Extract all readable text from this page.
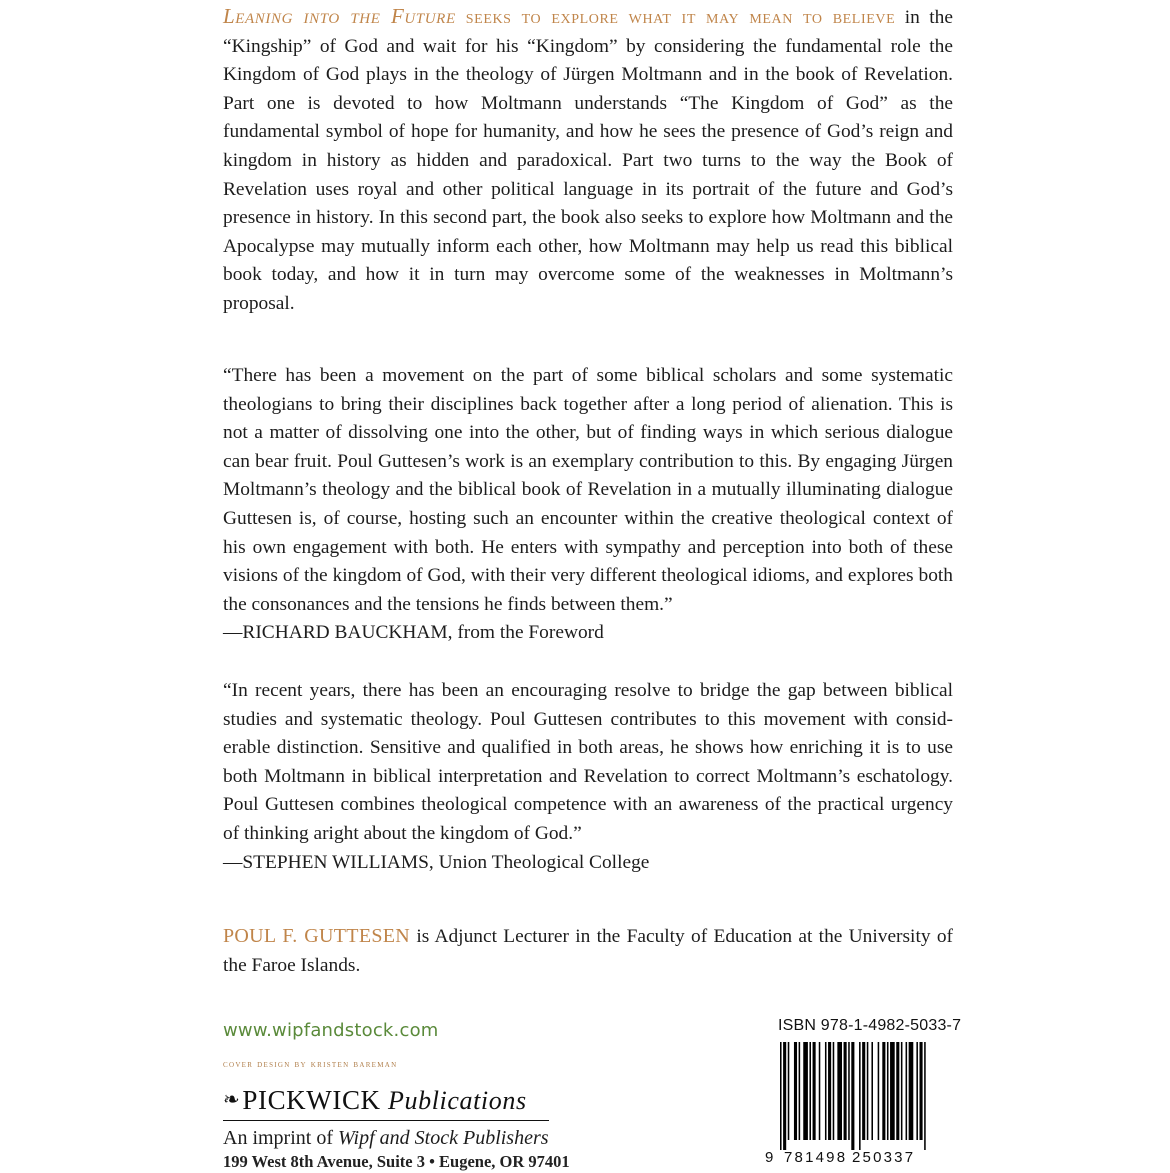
Leaning into the Future seeks to explore what it may mean to believe in the “Kingship” of God and wait for his “Kingdom” by considering the fundamental role the Kingdom of God plays in the theology of Jürgen Moltmann and in the book of Revelation. Part one is devoted to how Moltmann understands “The Kingdom of God” as the fundamental symbol of hope for humanity, and how he sees the presence of God’s reign and kingdom in history as hidden and paradoxical. Part two turns to the way the Book of Revelation uses royal and other political language in its portrait of the future and God’s presence in history. In this second part, the book also seeks to explore how Moltmann and the Apocalypse may mutually inform each other, how Moltmann may help us read this biblical book today, and how it in turn may overcome some of the weaknesses in Moltmann’s proposal.
“There has been a movement on the part of some biblical scholars and some systematic theologians to bring their disciplines back together after a long period of alienation. This is not a matter of dissolving one into the other, but of finding ways in which serious dialogue can bear fruit. Poul Guttesen’s work is an exemplary contribution to this. By engaging Jürgen Moltmann’s theology and the biblical book of Revelation in a mutually illuminating dialogue Guttesen is, of course, hosting such an encounter within the creative theological context of his own engagement with both. He enters with sympathy and perception into both of these visions of the kingdom of God, with their very different theological idioms, and explores both the consonances and the tensions he finds between them.”
—RICHARD BAUCKHAM, from the Foreword
“In recent years, there has been an encouraging resolve to bridge the gap between biblical studies and systematic theology. Poul Guttesen contributes to this movement with considerable distinction. Sensitive and qualified in both areas, he shows how enriching it is to use both Moltmann in biblical interpretation and Revelation to correct Moltmann’s eschatology. Poul Guttesen combines theological competence with an awareness of the practical urgency of thinking aright about the kingdom of God.”
—STEPHEN WILLIAMS, Union Theological College
POUL F. GUTTESEN is Adjunct Lecturer in the Faculty of Education at the University of the Faroe Islands.
www.wipfandstock.com
cover design by kristen bareman
❧PICKWICK Publications
An imprint of Wipf and Stock Publishers
199 West 8th Avenue, Suite 3 • Eugene, OR 97401
ISBN 978-1-4982-5033-7
9 781498 250337
